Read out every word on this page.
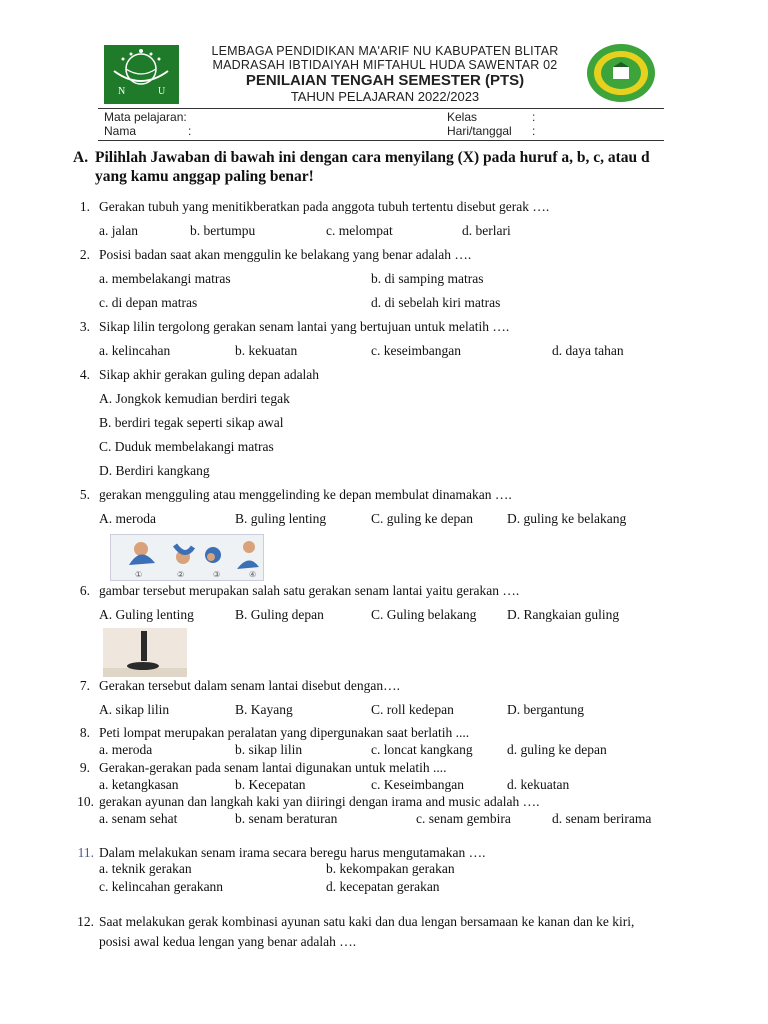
N	U
LEMBAGA PENDIDIKAN MA'ARIF NU KABUPATEN BLITAR
MADRASAH IBTIDAIYAH MIFTAHUL HUDA SAWENTAR 02
PENILAIAN TENGAH SEMESTER (PTS)
TAHUN PELAJARAN 2022/2023
Mata pelajaran:
Nama	:
Kelas	:
Hari/tanggal :
A. Pilihlah Jawaban di bawah ini dengan cara menyilang (X) pada huruf a, b, c, atau d
yang kamu anggap paling benar!
1. Gerakan tubuh yang menitikberatkan pada anggota tubuh tertentu disebut gerak ….
a. jalan	b. bertumpu	c. melompat	d. berlari
2. Posisi badan saat akan menggulin ke belakang yang benar adalah ….
a. membelakangi matras	b. di samping matras
c. di depan matras	d. di sebelah kiri matras
3. Sikap lilin tergolong gerakan senam lantai yang bertujuan untuk melatih ….
a. kelincahan	b. kekuatan	c. keseimbangan	d. daya tahan
4. Sikap akhir gerakan guling depan adalah
A. Jongkok kemudian berdiri tegak
B. berdiri tegak seperti sikap awal
C. Duduk membelakangi matras
D. Berdiri kangkang
5. gerakan mengguling atau menggelinding ke depan membulat dinamakan ….
A. meroda	B. guling lenting	C. guling ke depan	D. guling ke belakang
①	②	③	④
6. gambar tersebut merupakan salah satu gerakan senam lantai yaitu gerakan ….
A. Guling lenting	B. Guling depan	C. Guling belakang D. Rangkaian guling
7. Gerakan tersebut dalam senam lantai disebut dengan….
A. sikap lilin	B. Kayang	C. roll kedepan	D. bergantung
8. Peti lompat merupakan peralatan yang dipergunakan saat berlatih ....
a. meroda	b. sikap lilin	c. loncat kangkang	d. guling ke depan
9. Gerakan-gerakan pada senam lantai digunakan untuk melatih ....
a. ketangkasan	b. Kecepatan	c. Keseimbangan	d. kekuatan
10. gerakan ayunan dan langkah kaki yan diiringi dengan irama and music adalah ….
a. senam sehat	b. senam beraturan	c. senam gembira	d. senam berirama
11. Dalam melakukan senam irama secara beregu harus mengutamakan ….
a. teknik gerakan	b. kekompakan gerakan
c. kelincahan gerakann	d. kecepatan gerakan
12. Saat melakukan gerak kombinasi ayunan satu kaki dan dua lengan bersamaan ke kanan dan ke kiri,
posisi awal kedua lengan yang benar adalah ….
